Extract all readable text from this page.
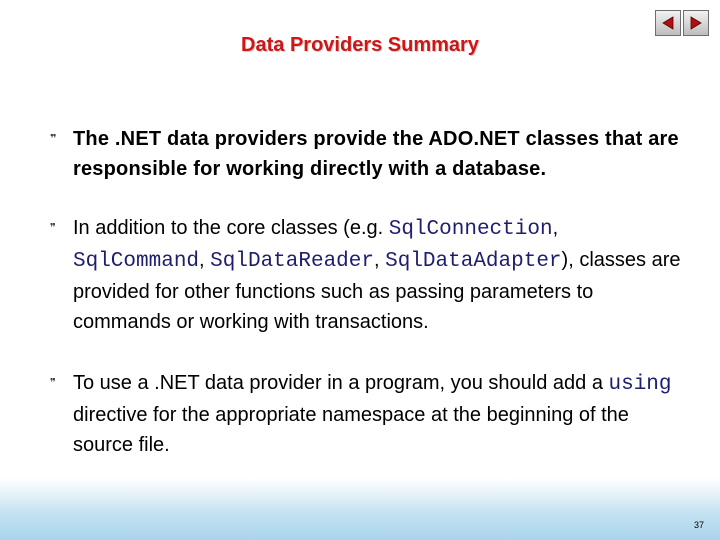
Data Providers Summary
❞ The .NET data providers provide the ADO.NET classes that are responsible for working directly with a database.
❞ In addition to the core classes (e.g. SqlConnection, SqlCommand, SqlDataReader, SqlDataAdapter), classes are provided for other functions such as passing parameters to commands or working with transactions.
❞ To use a .NET data provider in a program, you should add a using directive for the appropriate namespace at the beginning of the source file.
37
